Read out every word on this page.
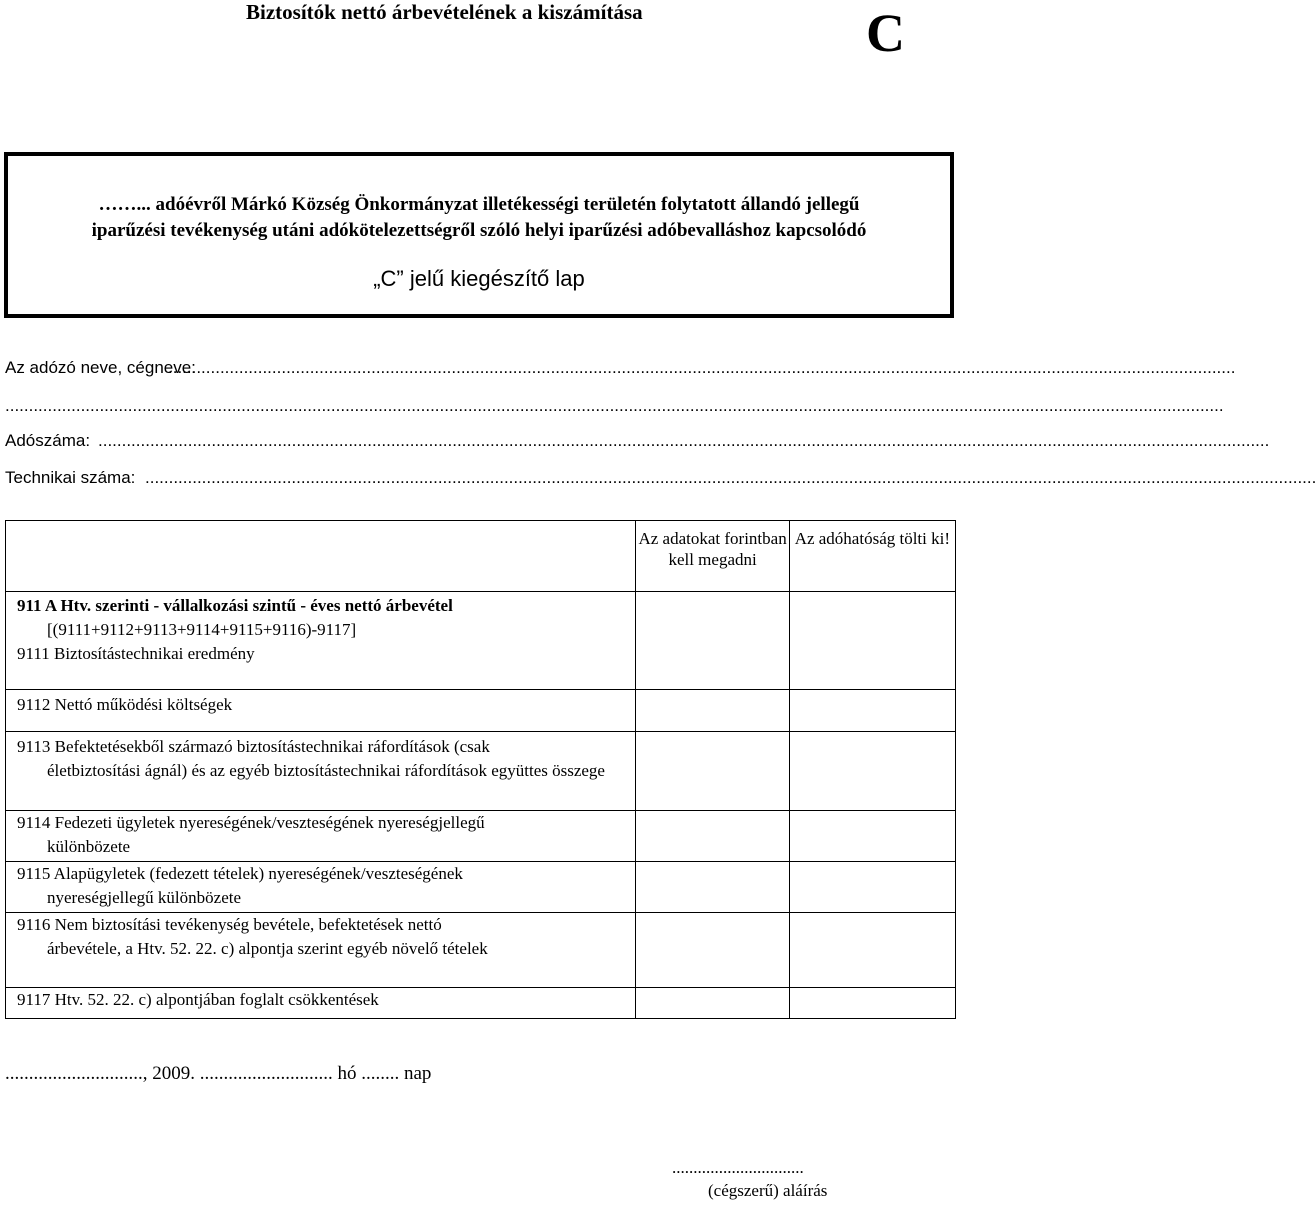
Biztosítók nettó árbevételének a kiszámítása	C
……... adóévről Márkó Község Önkormányzat illetékességi területén folytatott állandó jellegű
iparűzési tevékenység utáni adókötelezettségről szóló helyi iparűzési adóbevalláshoz kapcsolódó
„C” jelű kiegészítő lap
Az adózó neve, cégneve:
..................................................................................................................................................................................................................................
..................................................................................................................................................................................................................................................................
Adószáma: ........................................................................................................................................................................................................................................................
Technikai száma: ........................................................................................................................................................................................................................................................
	Az adatokat forintban kell megadni	Az adóhatóság tölti ki!

911 A Htv. szerinti - vállalkozási szintű - éves nettó árbevétel
[(9111+9112+9113+9114+9115+9116)-9117]
9111 Biztosítástechnikai eredmény		

9112 Nettó működési költségek		

9113 Befektetésekből származó biztosítástechnikai ráfordítások (csak
életbiztosítási ágnál) és az egyéb biztosítástechnikai ráfordítások együttes összege		

9114 Fedezeti ügyletek nyereségének/veszteségének nyereségjellegű
különbözete		

9115 Alapügyletek (fedezett tételek) nyereségének/veszteségének
nyereségjellegű különbözete		

9116 Nem biztosítási tevékenység bevétele, befektetések nettó
árbevétele, a Htv. 52. 22. c) alpontja szerint egyéb növelő tételek		

9117 Htv. 52. 22. c) alpontjában foglalt csökkentések		

............................., 2009. ............................ hó ........ nap
...............................
(cégszerű) aláírás
